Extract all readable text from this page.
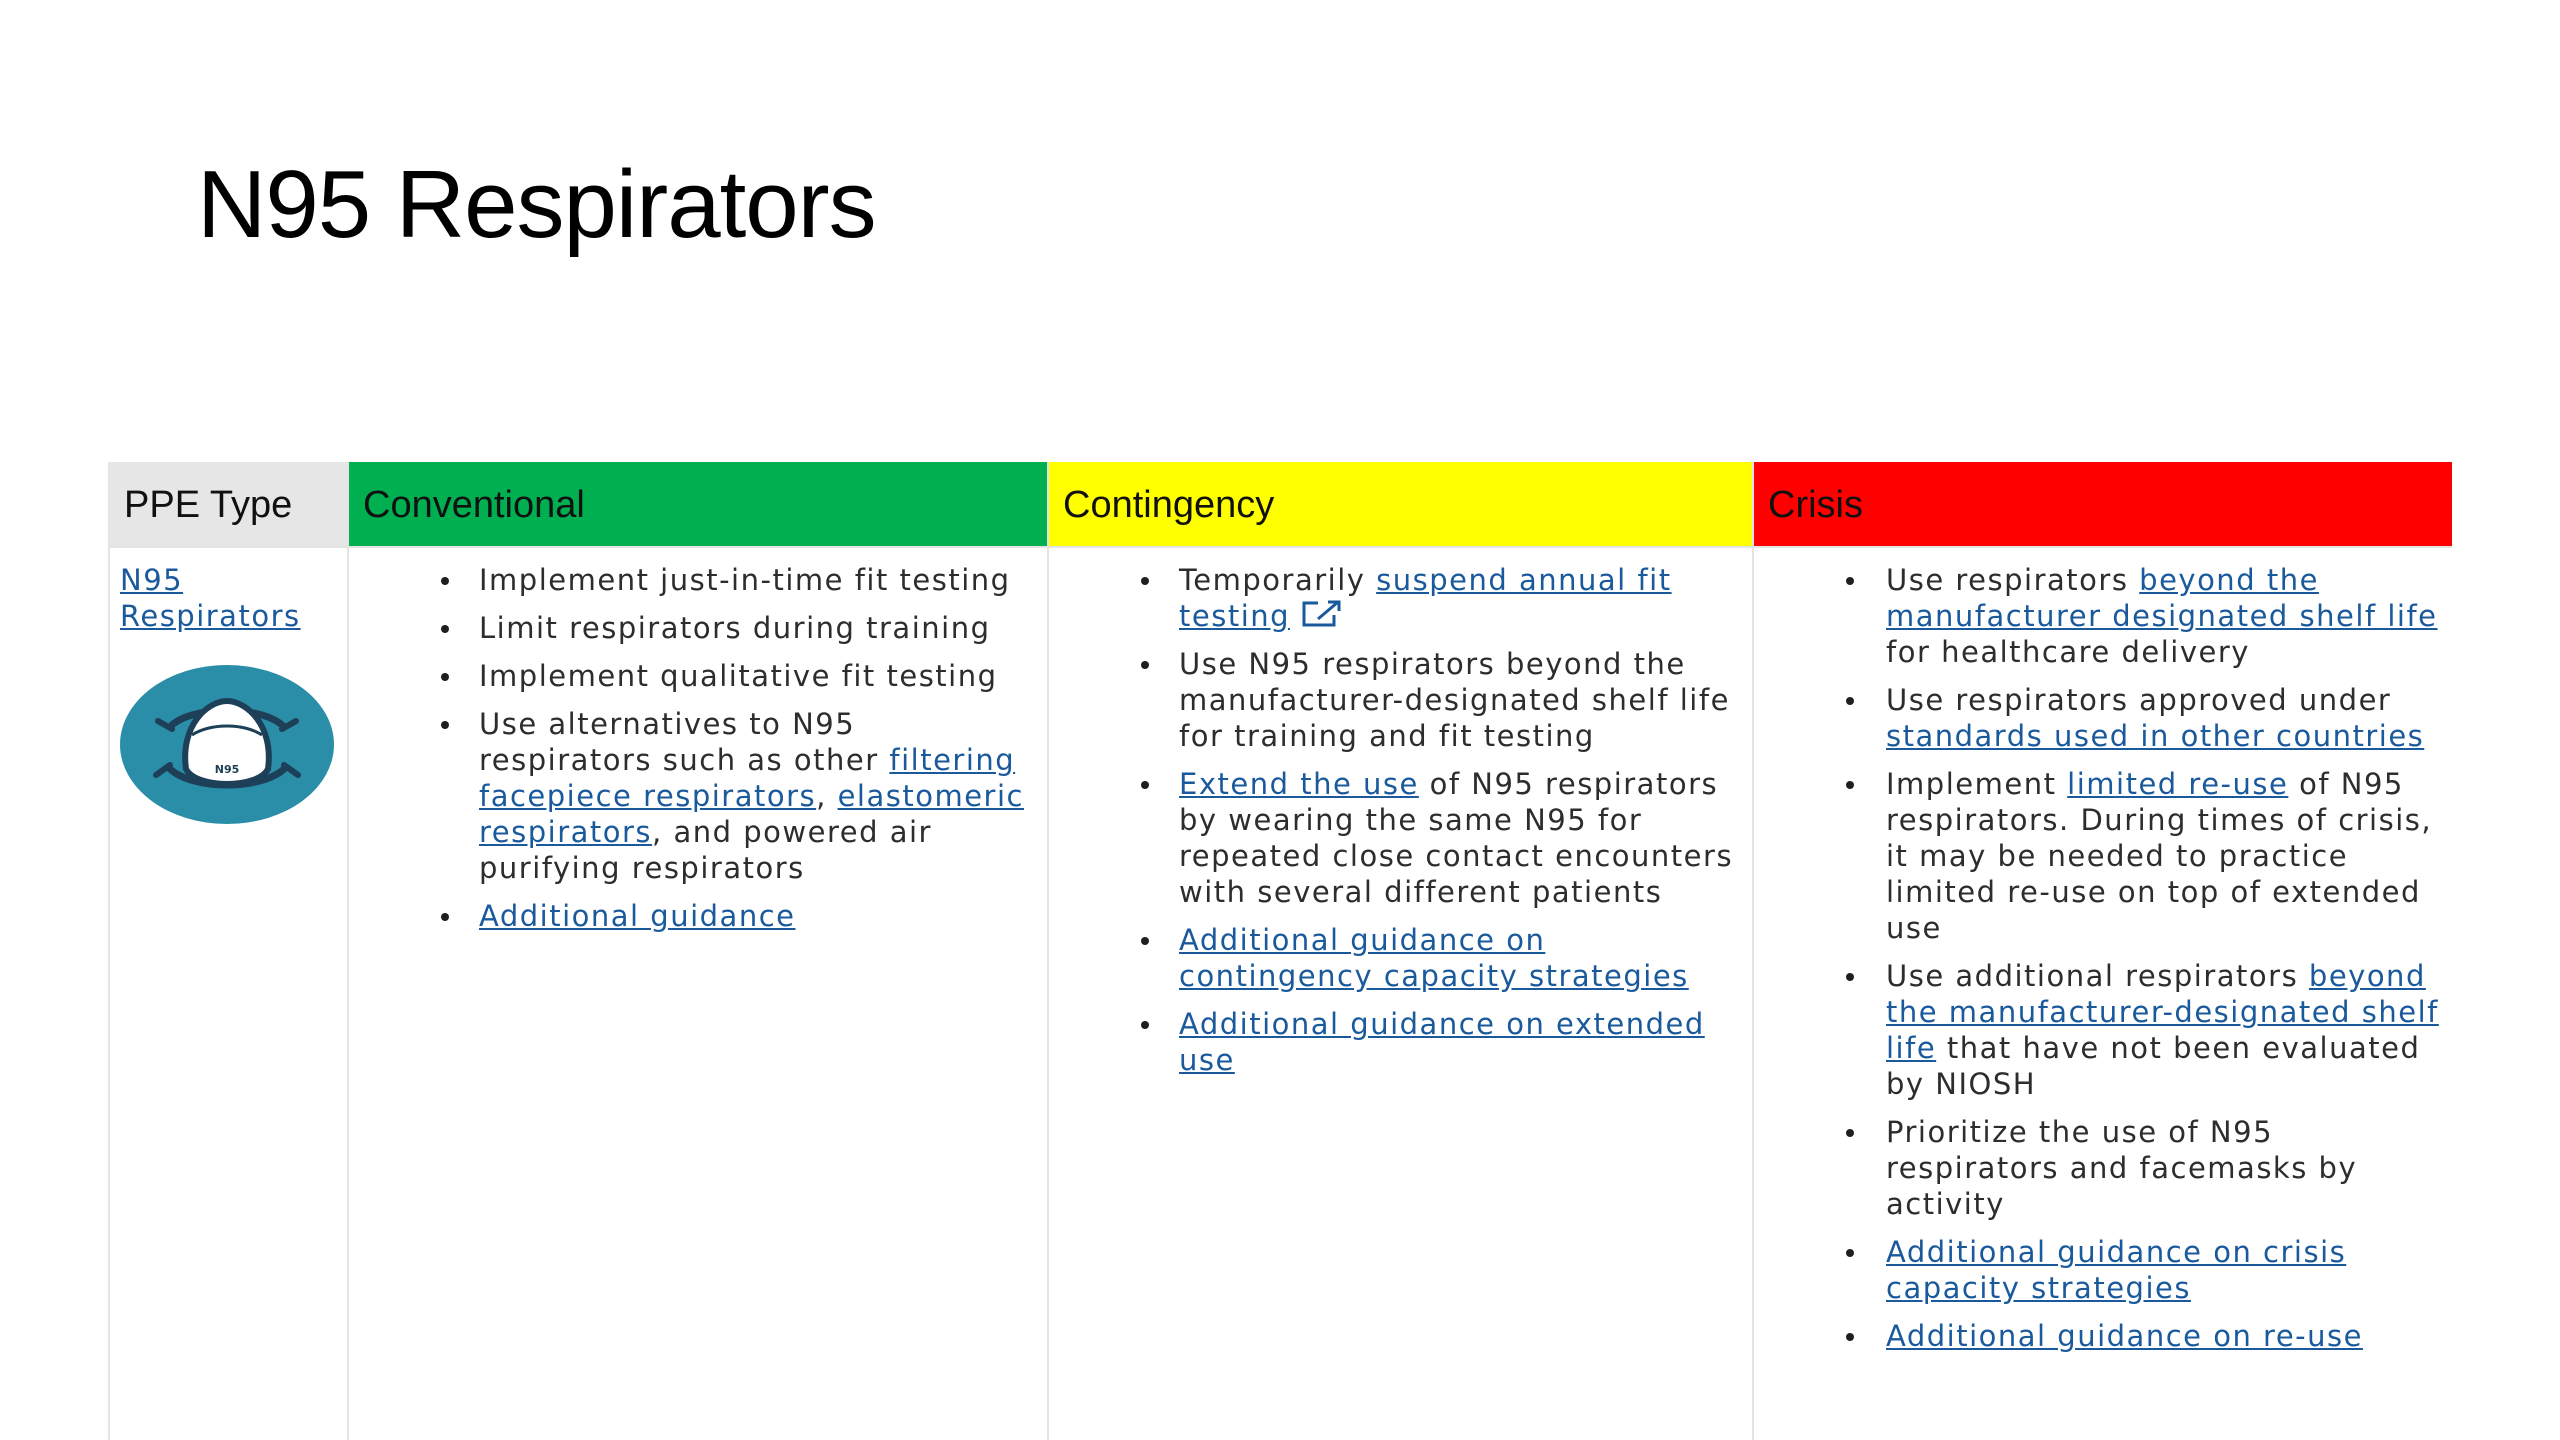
N95 Respirators
PPE Type
N95 Respirators
N95
Conventional
Implement just-in-time fit testing
Limit respirators during training
Implement qualitative fit testing
Use alternatives to N95 respirators such as other filtering facepiece respirators, elastomeric respirators, and powered air purifying respirators
Additional guidance
Contingency
Temporarily suspend annual fit testing
Use N95 respirators beyond the manufacturer-designated shelf life for training and fit testing
Extend the use of N95 respirators by wearing the same N95 for repeated close contact encounters with several different patients
Additional guidance on contingency capacity strategies
Additional guidance on extended use
Crisis
Use respirators beyond the manufacturer designated shelf life for healthcare delivery
Use respirators approved under standards used in other countries
Implement limited re-use of N95 respirators. During times of crisis, it may be needed to practice limited re-use on top of extended use
Use additional respirators beyond the manufacturer-designated shelf life that have not been evaluated by NIOSH
Prioritize the use of N95 respirators and facemasks by activity
Additional guidance on crisis capacity strategies
Additional guidance on re-use
